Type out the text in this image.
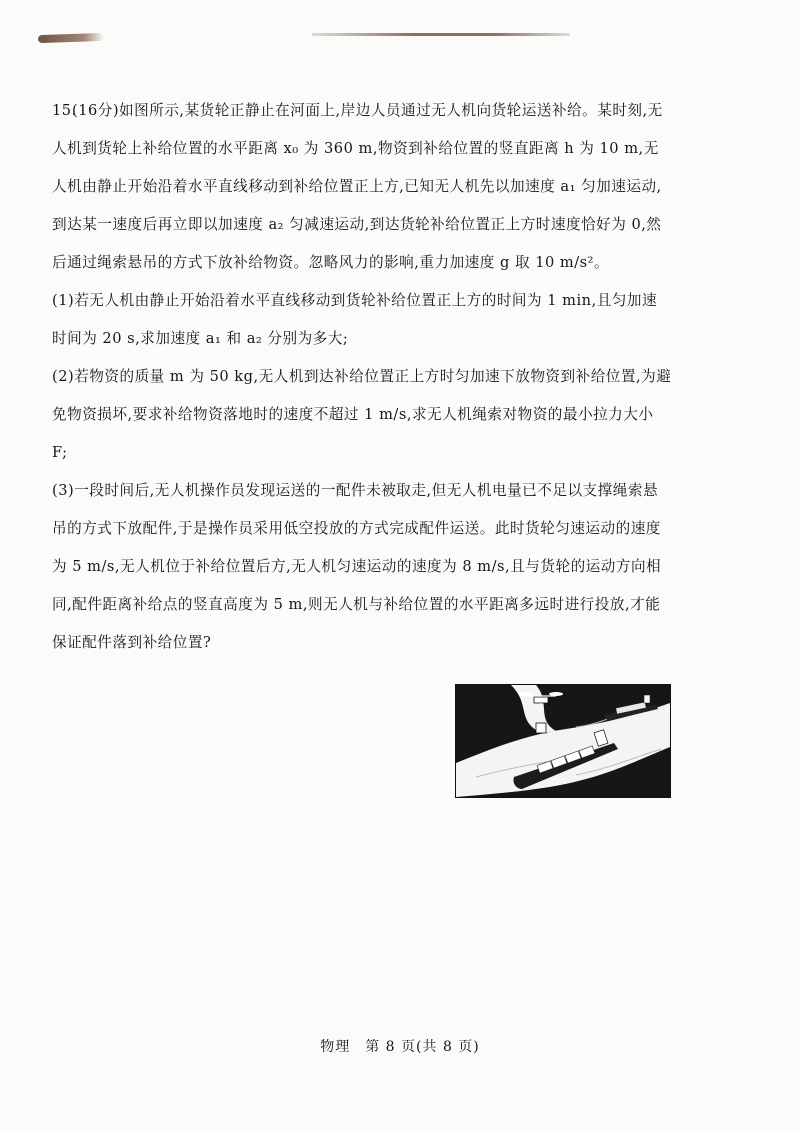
15.(16分)如图所示,某货轮正静止在河面上,岸边人员通过无人机向货轮运送补给。某时刻,无人机到货轮上补给位置的水平距离 x₀ 为 360 m,物资到补给位置的竖直距离 h 为 10 m,无人机由静止开始沿着水平直线移动到补给位置正上方,已知无人机先以加速度 a₁ 匀加速运动,到达某一速度后再立即以加速度 a₂ 匀减速运动,到达货轮补给位置正上方时速度恰好为 0,然后通过绳索悬吊的方式下放补给物资。忽略风力的影响,重力加速度 g 取 10 m/s²。

(1)若无人机由静止开始沿着水平直线移动到货轮补给位置正上方的时间为 1 min,且匀加速时间为 20 s,求加速度 a₁ 和 a₂ 分别为多大;

(2)若物资的质量 m 为 50 kg,无人机到达补给位置正上方时匀加速下放物资到补给位置,为避免物资损坏,要求补给物资落地时的速度不超过 1 m/s,求无人机绳索对物资的最小拉力大小 F;

(3)一段时间后,无人机操作员发现运送的一配件未被取走,但无人机电量已不足以支撑绳索悬吊的方式下放配件,于是操作员采用低空投放的方式完成配件运送。此时货轮匀速运动的速度为 5 m/s,无人机位于补给位置后方,无人机匀速运动的速度为 8 m/s,且与货轮的运动方向相同,配件距离补给点的竖直高度为 5 m,则无人机与补给位置的水平距离多远时进行投放,才能保证配件落到补给位置?

物理　第 8 页(共 8 页)
